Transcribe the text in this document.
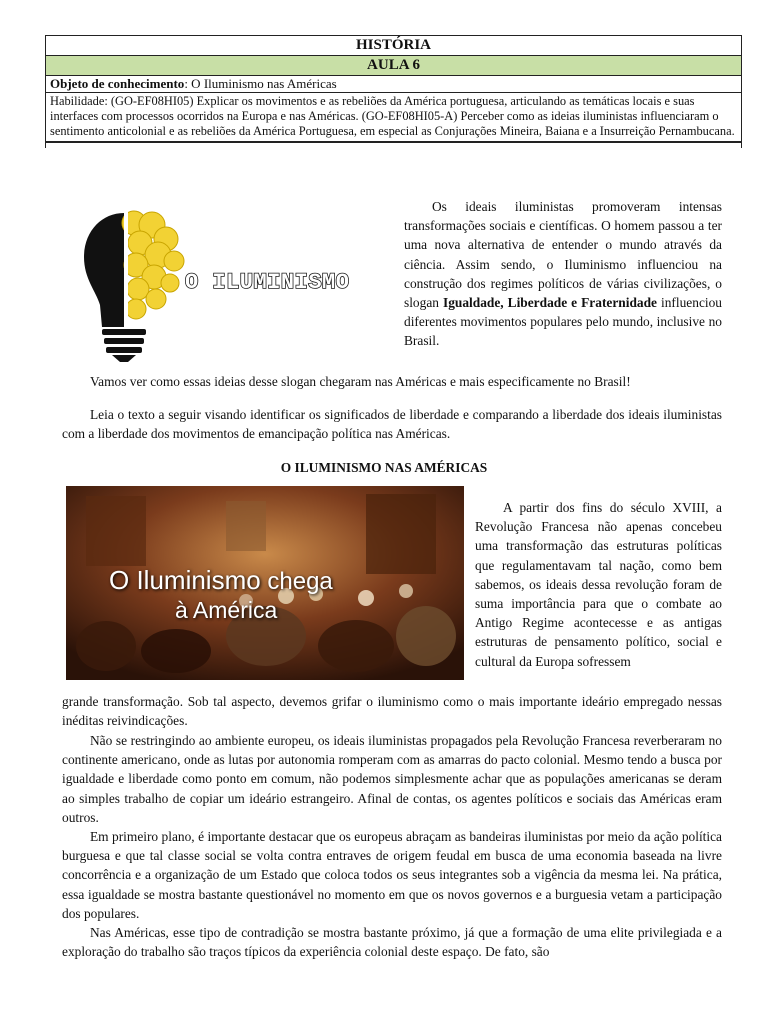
HISTÓRIA
AULA 6
Objeto de conhecimento: O Iluminismo nas Américas
Habilidade: (GO-EF08HI05) Explicar os movimentos e as rebeliões da América portuguesa, articulando as temáticas locais e suas interfaces com processos ocorridos na Europa e nas Américas. (GO-EF08HI05-A) Perceber como as ideias iluministas influenciaram o sentimento anticolonial e as rebeliões da América Portuguesa, em especial as Conjurações Mineira, Baiana e a Insurreição Pernambucana.
O ILUMINISMO

Os ideais iluministas promoveram intensas transformações sociais e científicas. O homem passou a ter uma nova alternativa de entender o mundo através da ciência. Assim sendo, o Iluminismo influenciou na construção dos regimes políticos de várias civilizações, o slogan Igualdade, Liberdade e Fraternidade influenciou diferentes movimentos populares pelo mundo, inclusive no Brasil.

Vamos ver como essas ideias desse slogan chegaram nas Américas e mais especificamente no Brasil!

Leia o texto a seguir visando identificar os significados de liberdade e comparando a liberdade dos ideais iluministas com a liberdade dos movimentos de emancipação política nas Américas.

O ILUMINISMO NAS AMÉRICAS
O Iluminismo chega
à América

A partir dos fins do século XVIII, a Revolução Francesa não apenas concebeu uma transformação das estruturas políticas que regulamentavam tal nação, como bem sabemos, os ideais dessa revolução foram de suma importância para que o combate ao Antigo Regime acontecesse e as antigas estruturas de pensamento político, social e cultural da Europa sofressem

grande transformação. Sob tal aspecto, devemos grifar o iluminismo como o mais importante ideário empregado nessas inéditas reivindicações.

Não se restringindo ao ambiente europeu, os ideais iluministas propagados pela Revolução Francesa reverberaram no continente americano, onde as lutas por autonomia romperam com as amarras do pacto colonial. Mesmo tendo a busca por igualdade e liberdade como ponto em comum, não podemos simplesmente achar que as populações americanas se deram ao simples trabalho de copiar um ideário estrangeiro. Afinal de contas, os agentes políticos e sociais das Américas eram outros.

Em primeiro plano, é importante destacar que os europeus abraçam as bandeiras iluministas por meio da ação política burguesa e que tal classe social se volta contra entraves de origem feudal em busca de uma economia baseada na livre concorrência e a organização de um Estado que coloca todos os seus integrantes sob a vigência da mesma lei. Na prática, essa igualdade se mostra bastante questionável no momento em que os novos governos e a burguesia vetam a participação dos populares.

Nas Américas, esse tipo de contradição se mostra bastante próximo, já que a formação de uma elite privilegiada e a exploração do trabalho são traços típicos da experiência colonial deste espaço. De fato, são
